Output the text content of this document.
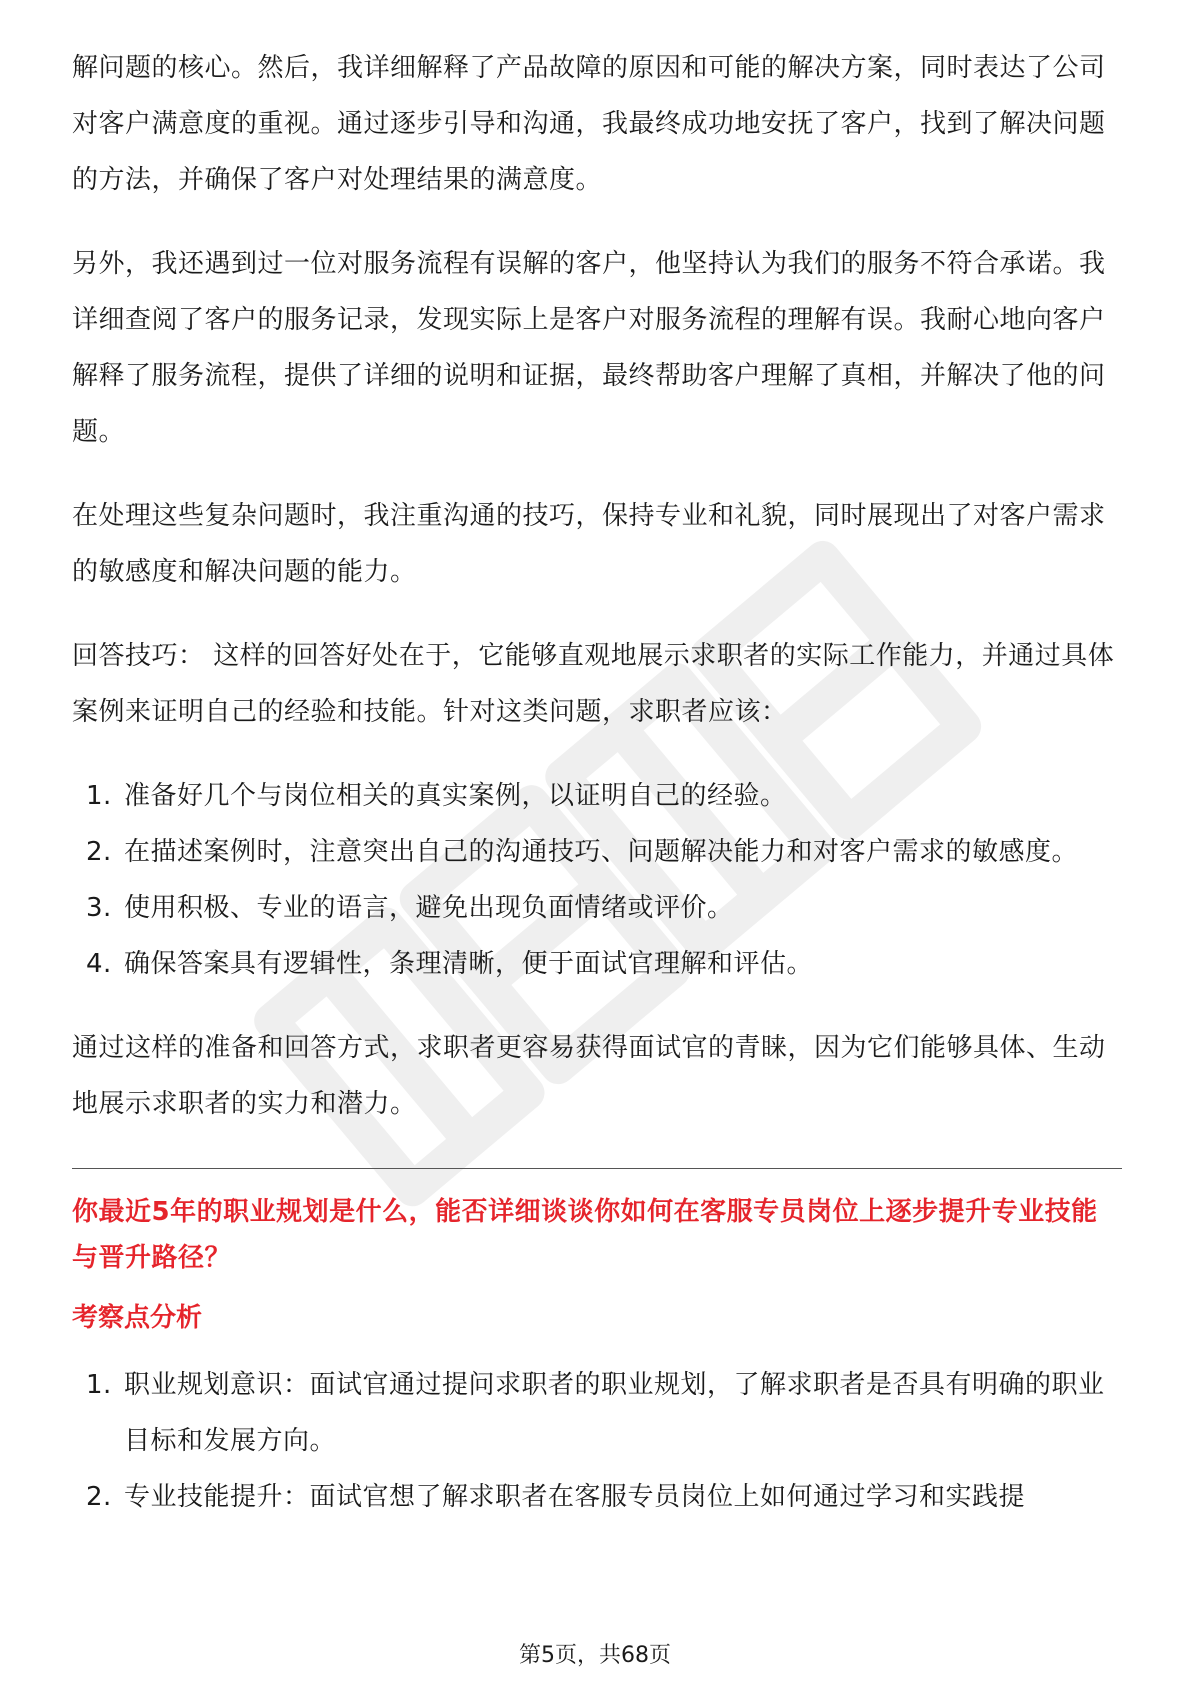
解问题的核心。然后，我详细解释了产品故障的原因和可能的解决方案，同时表达了公司对客户满意度的重视。通过逐步引导和沟通，我最终成功地安抚了客户，找到了解决问题的方法，并确保了客户对处理结果的满意度。

另外，我还遇到过一位对服务流程有误解的客户，他坚持认为我们的服务不符合承诺。我详细查阅了客户的服务记录，发现实际上是客户对服务流程的理解有误。我耐心地向客户解释了服务流程，提供了详细的说明和证据，最终帮助客户理解了真相，并解决了他的问题。

在处理这些复杂问题时，我注重沟通的技巧，保持专业和礼貌，同时展现出了对客户需求的敏感度和解决问题的能力。

回答技巧： 这样的回答好处在于，它能够直观地展示求职者的实际工作能力，并通过具体案例来证明自己的经验和技能。针对这类问题，求职者应该：

1. 准备好几个与岗位相关的真实案例，以证明自己的经验。
2. 在描述案例时，注意突出自己的沟通技巧、问题解决能力和对客户需求的敏感度。
3. 使用积极、专业的语言，避免出现负面情绪或评价。
4. 确保答案具有逻辑性，条理清晰，便于面试官理解和评估。

通过这样的准备和回答方式，求职者更容易获得面试官的青睐，因为它们能够具体、生动地展示求职者的实力和潜力。

你最近5年的职业规划是什么，能否详细谈谈你如何在客服专员岗位上逐步提升专业技能与晋升路径？
考察点分析
1. 职业规划意识：面试官通过提问求职者的职业规划，了解求职者是否具有明确的职业目标和发展方向。
2. 专业技能提升：面试官想了解求职者在客服专员岗位上如何通过学习和实践提
第5页，共68页
